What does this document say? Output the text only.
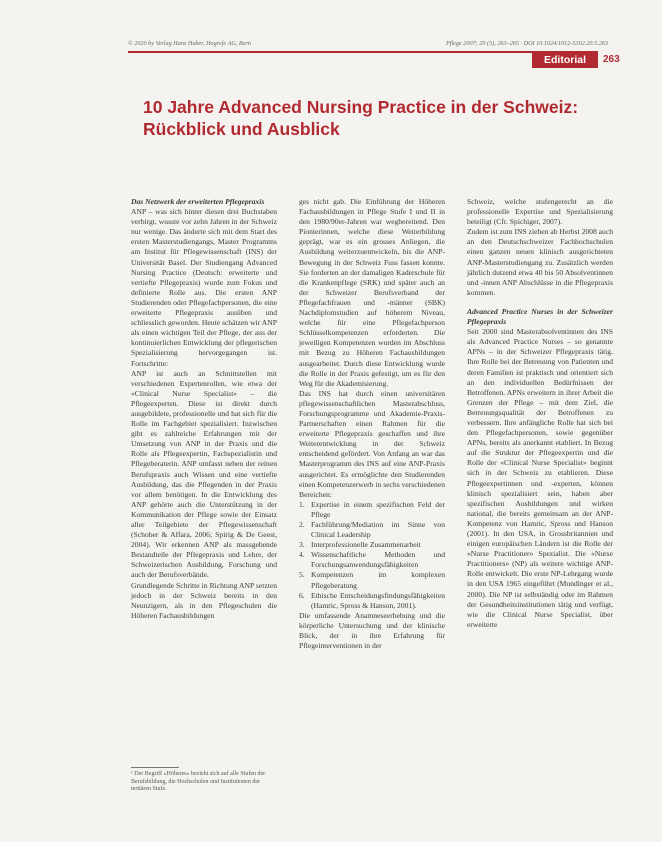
© 2020 by Verlag Hans Huber, Hogrefe AG, Bern	Pflege 2007; 20 (5), 263–265 · DOI 10.1024/1012-5302.20.5.263
Editorial	263
10 Jahre Advanced Nursing Practice in der Schweiz: Rückblick und Ausblick

Das Netzwerk der erweiterten Pflegepraxis

ANP – was sich hinter diesen drei Buchstaben verbirgt, wusste vor zehn Jahren in der Schweiz nur wenige. Das änderte sich mit dem Start des ersten Masterstudiengangs, Master Programms am Institut für Pflegewissenschaft (INS) der Universität Basel. Der Studiengang Advanced Nursing Practice (Deutsch: erweiterte und vertiefte Pflegepraxis) wurde zum Fokus und definierte Rolle aus. Die ersten ANP Studierenden oder Pflegefachpersonen, die eine erweiterte Pflegepraxis ausüben und schliesslich geworden. Heute schätzen wir ANP als einen wichtigen Teil der Pflege, der aus der kontinuierlichen Entwicklung der pflegerischen Spezialisierung hervorgegangen ist. Fortschritte:

ANP ist auch an Schnittstellen mit verschiedenen Expertenrollen, wie etwa der «Clinical Nurse Specialist» – die Pflegeexperten. Diese ist direkt durch ausgebildete, professionelle und hat sich für die Rolle im Fachgebiet spezialisiert. Inzwischen gibt es zahlreiche Erfahrungen mit der Umsetzung von ANP in der Praxis und die Rolle als Pflegeexpertin, Fachspezialistin und Pflegeberaterin. ANP umfasst neben der reinen Berufspraxis auch Wissen und eine vertiefte Ausbildung, das die Pflegenden in der Praxis vor allem benötigen. In die Entwicklung des ANP gehörte auch die Unterstützung in der Kommunikation der Pflege sowie der Einsatz aller Teilgebiete der Pflegewissenschaft (Schober & Affara, 2006; Spirig & De Geest, 2004). Wir erkennen ANP als massgebende Bestandteile der Pflegepraxis und Lehre, der Schweizerischen Ausbildung, Forschung und auch der Berufsverbände.

Grundlegende Schritte in Richtung ANP setzten jedoch in der Schweiz bereits in den Neunzigern, als in den Pflegeschulen die Höheren Fachausbildungen

ges nicht gab. Die Einführung der Höheren Fachausbildungen in Pflege Stufe I und II in den 1980/90er-Jahren war wegbereitend. Den Pionierinnen, welche diese Weiterbildung geprägt, war es ein grosses Anliegen, die Ausbildung weiterzuentwickeln, bis die ANP-Bewegung in der Schweiz Fuss fassen konnte. Sie forderten an der damaligen Kaderschule für die Krankenpflege (SRK) und später auch an der Schweizer Berufsverband der Pflegefachfrauen und -männer (SBK) Nachdiplomstudien auf höherem Niveau, welche für eine Pflegefachperson Schlüsselkompetenzen erforderten. Die jeweiligen Kompetenzen wurden im Abschluss mit Bezug zu Höheren Fachausbildungen ausgearbeitet. Durch diese Entwicklung wurde die Rolle in der Praxis gefestigt, um es für den Weg für die Akademisierung.

Das INS hat durch einen universitären pflegewissenschaftlichen Masterabschluss, Forschungsprogramme und Akademie-Praxis-Partnerschaften einen Rahmen für die erweiterte Pflegepraxis geschaffen und ihre Weiterentwicklung in der Schweiz entscheidend gefördert. Von Anfang an war das Masterprogramm des INS auf eine ANP-Praxis ausgerichtet. Es ermöglichte den Studierenden einen Kompetenzerwerb in sechs verschiedenen Bereichen:

1. Expertise in einem spezifischen Feld der Pflege
2. Fachführung/Mediation im Sinne von Clinical Leadership
3. Interprofessionelle Zusammenarbeit
4. Wissenschaftliche Methoden und Forschungsanwendungsfähigkeiten
5. Kompetenzen im komplexen Pflegeberatung
6. Ethische Entscheidungsfindungsfähigkeiten (Hamric, Spross & Hanson, 2001).

Die umfassende Anamneseerhebung und die körperliche Untersuchung und der klinische Blick, der in ihre Erfahrung für Pflegeinterventionen in der

Schweiz, welche stufengerecht an die professionelle Expertise und Spezialisierung beteiligt (Cfr. Spichiger, 2007).

Zudem ist zum INS ziehen ab Herbst 2008 auch an den Deutschschweizer Fachhochschulen einen ganzen neuen klinisch ausgerichteten ANP-Masterstudiengang zu. Zusätzlich werden jährlich dutzend etwa 40 bis 50 Absolventinnen und -innen ANP Abschlüsse in die Pflegepraxis kommen.

Advanced Practice Nurses in der Schweizer Pflegepraxis

Seit 2000 sind Masterabsolventinnen des INS als Advanced Practice Nurses – so genannte APNs – in der Schweizer Pflegepraxis tätig. Ihre Rolle bei der Betreuung von Patienten und deren Familien ist praktisch und orientiert sich an den individuellen Bedürfnissen der Betroffenen. APNs erweitern in ihrer Arbeit die Grenzen der Pflege – mit dem Ziel, die Betreuungsqualität der Betroffenen zu verbessern. Ihre anfängliche Rolle hat sich bei den Pflegefachpersonen, sowie gegenüber APNs, bereits als anerkannt etabliert. In Bezug auf die Struktur der Pflegeexpertin und die Rolle der «Clinical Nurse Specialist» beginnt sich in der Schweiz zu etablieren. Diese Pflegeexpertinnen und -experten, können klinisch spezialisiert sein, haben aber spezifischen Ausbildungen und wirken national, die bereits gemeinsam an der ANP-Kompetenz von Hamric, Spross und Hanson (2001). In den USA, in Grossbritannien und einigen europäischen Ländern ist die Rolle der «Nurse Practitioner» Spezialist. Die «Nurse Practitioners» (NP) als weitere wichtige ANP-Rolle entwickelt. Die erste NP-Lehrgang wurde in den USA 1965 eingeführt (Mundinger et al., 2000). Die NP ist selbständig oder im Rahmen der Gesundheitsinstitutionen tätig und verfügt, wie die Clinical Nurse Specialist, über erweiterte

¹ Der Begriff «Höheres» bezieht sich auf alle Stufen der Berufsbildung, die Hochschulen und Institutionen der tertiären Stufe.
